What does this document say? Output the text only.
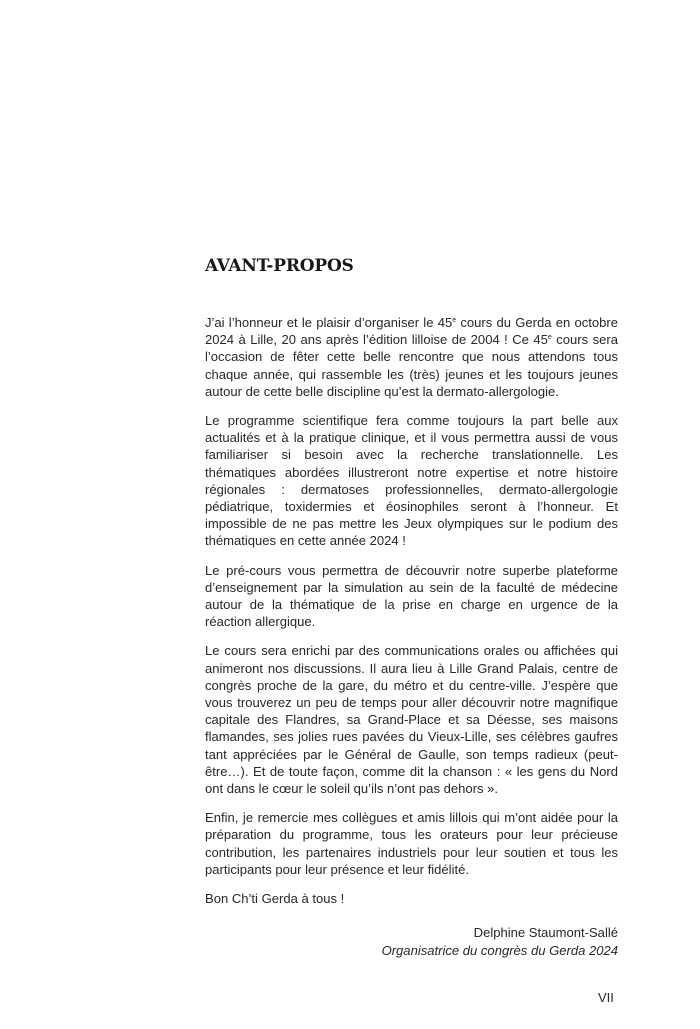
AVANT-PROPOS

J’ai l’honneur et le plaisir d’organiser le 45e cours du Gerda en octobre 2024 à Lille, 20 ans après l’édition lilloise de 2004 ! Ce 45e cours sera l’occasion de fêter cette belle rencontre que nous attendons tous chaque année, qui rassemble les (très) jeunes et les toujours jeunes autour de cette belle discipline qu’est la dermato-allergologie.

Le programme scientifique fera comme toujours la part belle aux actualités et à la pratique clinique, et il vous permettra aussi de vous familiariser si besoin avec la recherche translationnelle. Les thématiques abordées illustreront notre expertise et notre histoire régionales : dermatoses professionnelles, dermato-allergologie pédiatrique, toxidermies et éosinophiles seront à l’honneur. Et impossible de ne pas mettre les Jeux olympiques sur le podium des thématiques en cette année 2024 !

Le pré-cours vous permettra de découvrir notre superbe plateforme d’enseignement par la simulation au sein de la faculté de médecine autour de la thématique de la prise en charge en urgence de la réaction allergique.

Le cours sera enrichi par des communications orales ou affichées qui animeront nos discussions. Il aura lieu à Lille Grand Palais, centre de congrès proche de la gare, du métro et du centre-ville. J’espère que vous trouverez un peu de temps pour aller découvrir notre magnifique capitale des Flandres, sa Grand-Place et sa Déesse, ses maisons flamandes, ses jolies rues pavées du Vieux-Lille, ses célèbres gaufres tant appréciées par le Général de Gaulle, son temps radieux (peut-être…). Et de toute façon, comme dit la chanson : « les gens du Nord ont dans le cœur le soleil qu’ils n’ont pas dehors ».

Enfin, je remercie mes collègues et amis lillois qui m’ont aidée pour la préparation du programme, tous les orateurs pour leur précieuse contribution, les partenaires industriels pour leur soutien et tous les participants pour leur présence et leur fidélité.

Bon Ch’ti Gerda à tous !

Delphine Staumont-Sallé
Organisatrice du congrès du Gerda 2024
VII
